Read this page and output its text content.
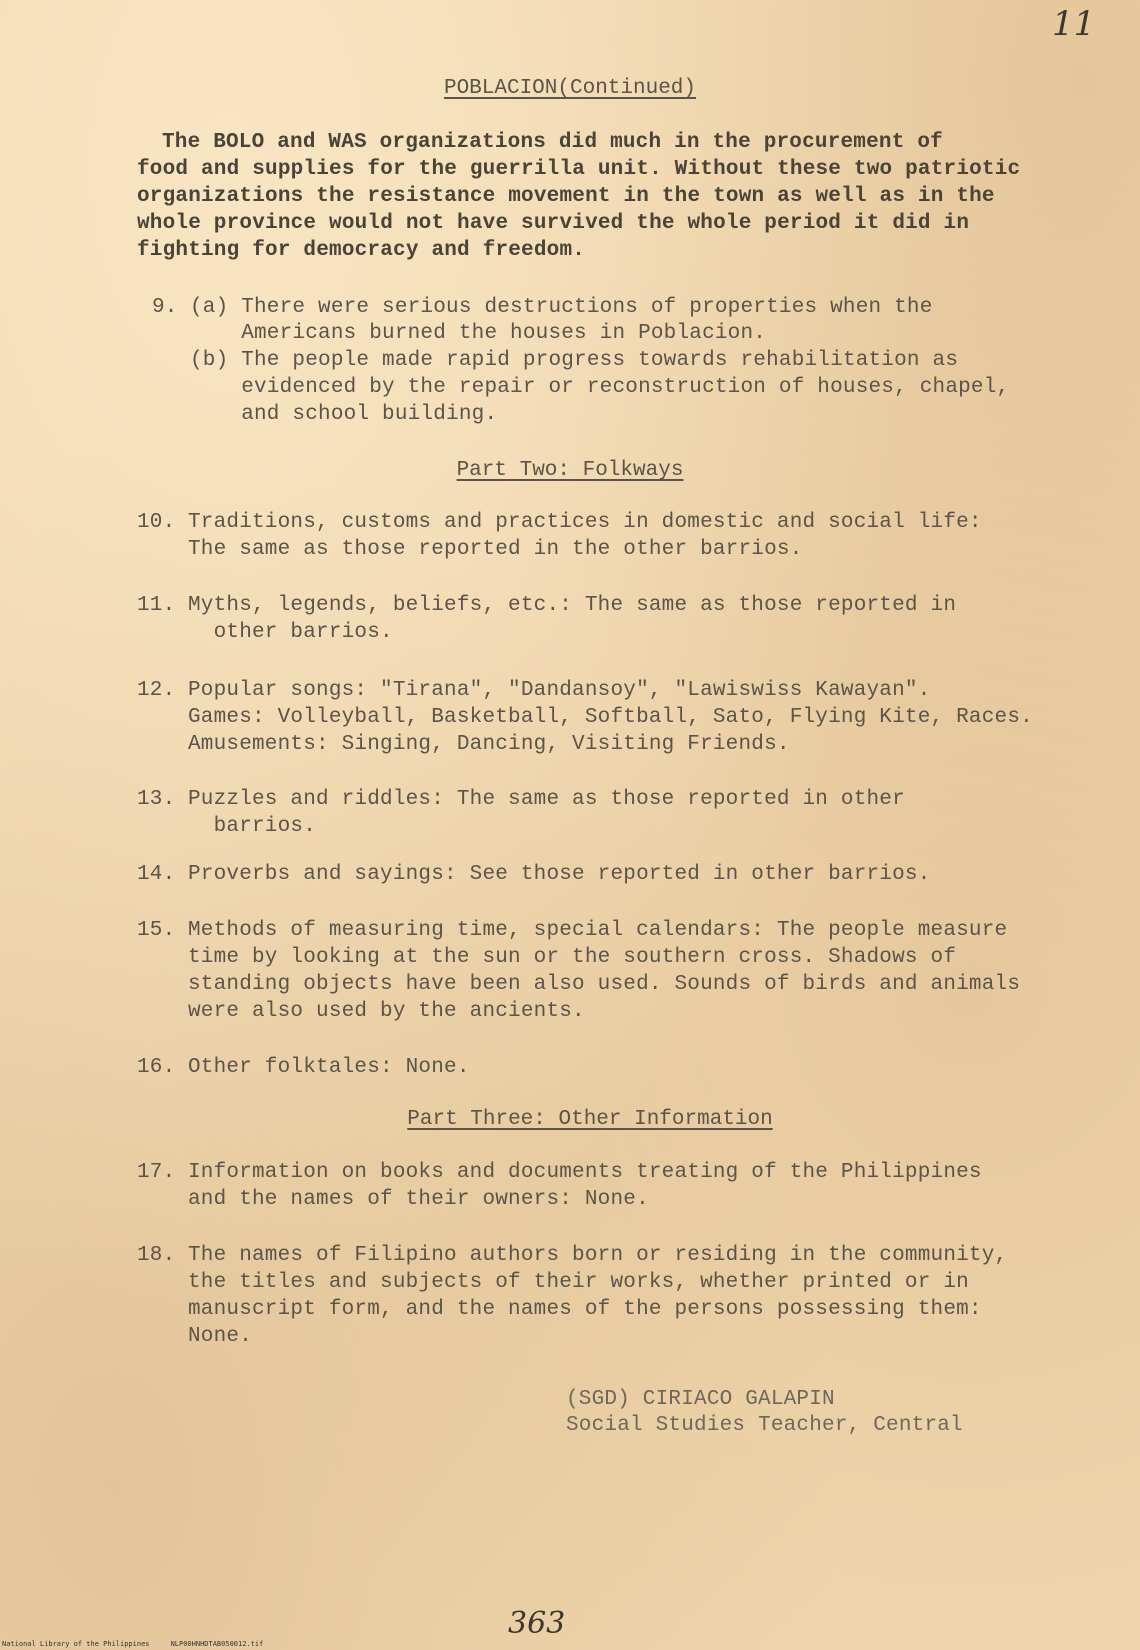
11
POBLACION(Continued)
The BOLO and WAS organizations did much in the procurement of
food and supplies for the guerrilla unit. Without these two patriotic
organizations the resistance movement in the town as well as in the
whole province would not have survived the whole period it did in
fighting for democracy and freedom.
9. (a) There were serious destructions of properties when the
Americans burned the houses in Poblacion.
(b) The people made rapid progress towards rehabilitation as
evidenced by the repair or reconstruction of houses, chapel,
and school building.
Part Two: Folkways
10. Traditions, customs and practices in domestic and social life:
The same as those reported in the other barrios.
11. Myths, legends, beliefs, etc.: The same as those reported in
other barrios.
12. Popular songs: "Tirana", "Dandansoy", "Lawiswiss Kawayan".
Games: Volleyball, Basketball, Softball, Sato, Flying Kite, Races.
Amusements: Singing, Dancing, Visiting Friends.
13. Puzzles and riddles: The same as those reported in other
barrios.
14. Proverbs and sayings: See those reported in other barrios.
15. Methods of measuring time, special calendars: The people measure
time by looking at the sun or the southern cross. Shadows of
standing objects have been also used. Sounds of birds and animals
were also used by the ancients.
16. Other folktales: None.
Part Three: Other Information
17. Information on books and documents treating of the Philippines
and the names of their owners: None.
18. The names of Filipino authors born or residing in the community,
the titles and subjects of their works, whether printed or in
manuscript form, and the names of the persons possessing them:
None.
(SGD) CIRIACO GALAPIN
Social Studies Teacher, Central
363
National Library of the Philippines     NLP00HNHDTAB050012.tif
